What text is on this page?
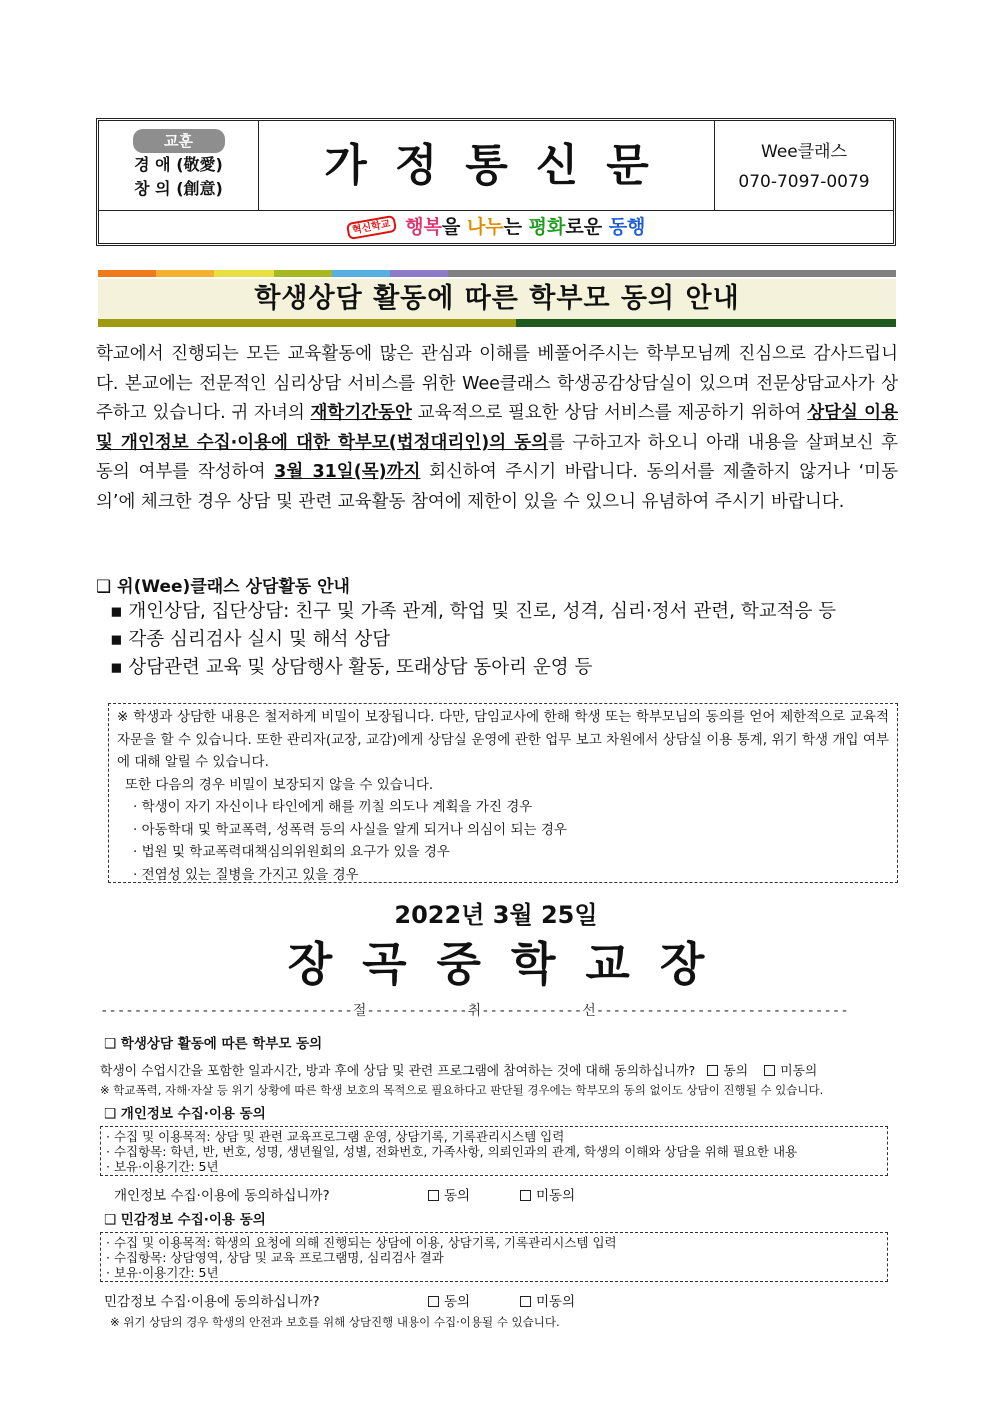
교훈
경 애 (敬愛)
창 의 (創意)	가정통신문	Wee클래스
070-7097-0079
혁신학교 행복을 나누는 평화로운 동행
학생상담 활동에 따른 학부모 동의 안내
학교에서 진행되는 모든 교육활동에 많은 관심과 이해를 베풀어주시는 학부모님께 진심으로 감사드립니다. 본교에는 전문적인 심리상담 서비스를 위한 Wee클래스 학생공감상담실이 있으며 전문상담교사가 상주하고 있습니다. 귀 자녀의 재학기간동안 교육적으로 필요한 상담 서비스를 제공하기 위하여 상담실 이용 및 개인정보 수집·이용에 대한 학부모(법정대리인)의 동의를 구하고자 하오니 아래 내용을 살펴보신 후 동의 여부를 작성하여 3월 31일(목)까지 회신하여 주시기 바랍니다. 동의서를 제출하지 않거나 ‘미동의’에 체크한 경우 상담 및 관련 교육활동 참여에 제한이 있을 수 있으니 유념하여 주시기 바랍니다.
❑ 위(Wee)클래스 상담활동 안내
▪ 개인상담, 집단상담: 친구 및 가족 관계, 학업 및 진로, 성격, 심리·정서 관련, 학교적응 등
▪ 각종 심리검사 실시 및 해석 상담
▪ 상담관련 교육 및 상담행사 활동, 또래상담 동아리 운영 등
※ 학생과 상담한 내용은 철저하게 비밀이 보장됩니다. 다만, 담임교사에 한해 학생 또는 학부모님의 동의를 얻어 제한적으로 교육적 자문을 할 수 있습니다. 또한 관리자(교장, 교감)에게 상담실 운영에 관한 업무 보고 차원에서 상담실 이용 통계, 위기 학생 개입 여부에 대해 알릴 수 있습니다.
또한 다음의 경우 비밀이 보장되지 않을 수 있습니다.
· 학생이 자기 자신이나 타인에게 해를 끼칠 의도나 계획을 가진 경우
· 아동학대 및 학교폭력, 성폭력 등의 사실을 알게 되거나 의심이 되는 경우
· 법원 및 학교폭력대책심의위원회의 요구가 있을 경우
· 전염성 있는 질병을 가지고 있을 경우
2022년 3월 25일
장곡중학교장
------------------------------절------------취------------선------------------------------
❑ 학생상담 활동에 따른 학부모 동의
학생이 수업시간을 포함한 일과시간, 방과 후에 상담 및 관련 프로그램에 참여하는 것에 대해 동의하십니까? 동의	미동의
※ 학교폭력, 자해·자살 등 위기 상황에 따른 학생 보호의 목적으로 필요하다고 판단될 경우에는 학부모의 동의 없이도 상담이 진행될 수 있습니다.
❑ 개인정보 수집·이용 동의
· 수집 및 이용목적: 상담 및 관련 교육프로그램 운영, 상담기록, 기록관리시스템 입력
· 수집항목: 학년, 반, 번호, 성명, 생년월일, 성별, 전화번호, 가족사항, 의뢰인과의 관계, 학생의 이해와 상담을 위해 필요한 내용
· 보유·이용기간: 5년
개인정보 수집·이용에 동의하십니까?	동의	미동의
❑ 민감정보 수집·이용 동의
· 수집 및 이용목적: 학생의 요청에 의해 진행되는 상담에 이용, 상담기록, 기록관리시스템 입력
· 수집항목: 상담영역, 상담 및 교육 프로그램명, 심리검사 결과
· 보유·이용기간: 5년
민감정보 수집·이용에 동의하십니까?	동의	미동의
※ 위기 상담의 경우 학생의 안전과 보호를 위해 상담진행 내용이 수집·이용될 수 있습니다.
